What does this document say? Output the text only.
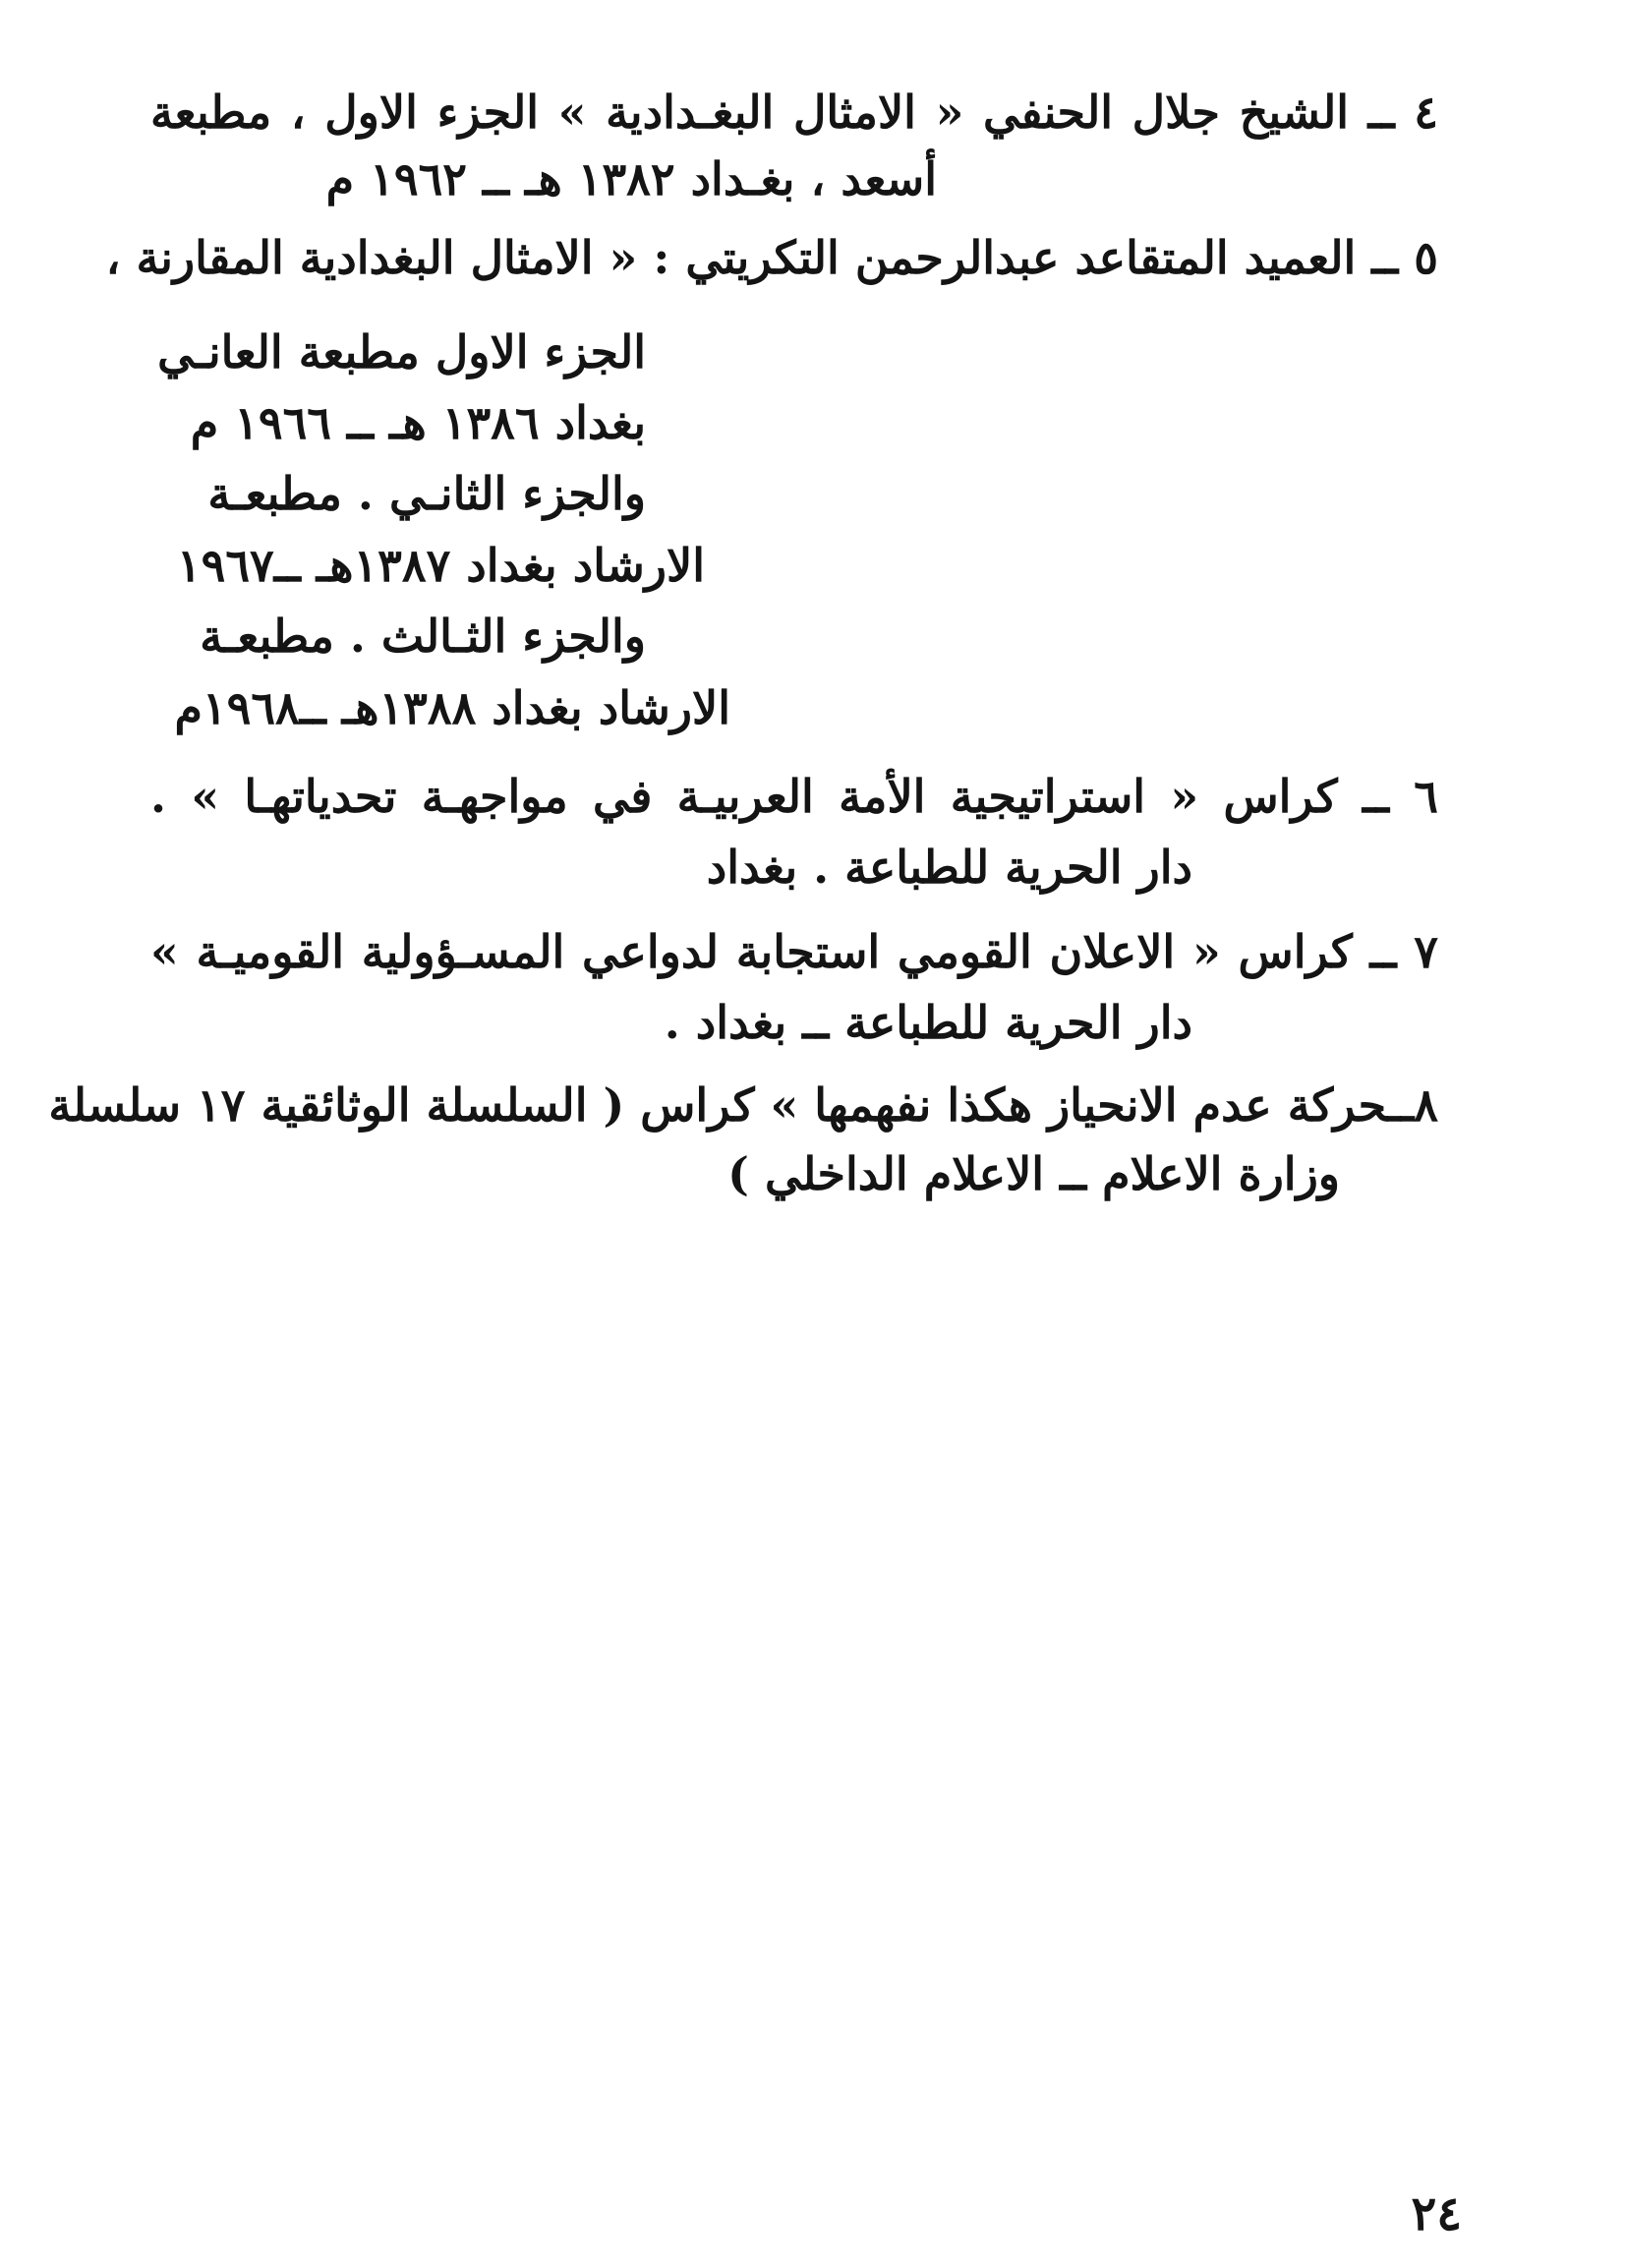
٤ ــ الشيخ جلال الحنفي « الامثال البغـدادية » الجزء الاول ، مطبعة
أسعد ، بغـداد ١٣٨٢ هـ ــ ١٩٦٢ م
٥ ــ العميد المتقاعد عبدالرحمن التكريتي : « الامثال البغدادية المقارنة ،
الجزء الاول مطبعة العانـي
بغداد ١٣٨٦ هـ ــ ١٩٦٦ م
والجزء الثانـي . مطبعـة
الارشاد بغداد ١٣٨٧هـ ــ١٩٦٧
والجزء الثـالث . مطبعـة
الارشاد بغداد ١٣٨٨هـ ــ١٩٦٨م
٦ ــ كراس « استراتيجية الأمة العربيـة في مواجهـة تحدياتهـا » .
دار الحرية للطباعة . بغداد
٧ ــ كراس « الاعلان القومي استجابة لدواعي المسـؤولية القوميـة »
دار الحرية للطباعة ــ بغداد .
٨ــحركة عدم الانحياز هكذا نفهمها » كراس ( السلسلة الوثائقية ١٧ سلسلة
وزارة الاعلام ــ الاعلام الداخلي )
٢٤
